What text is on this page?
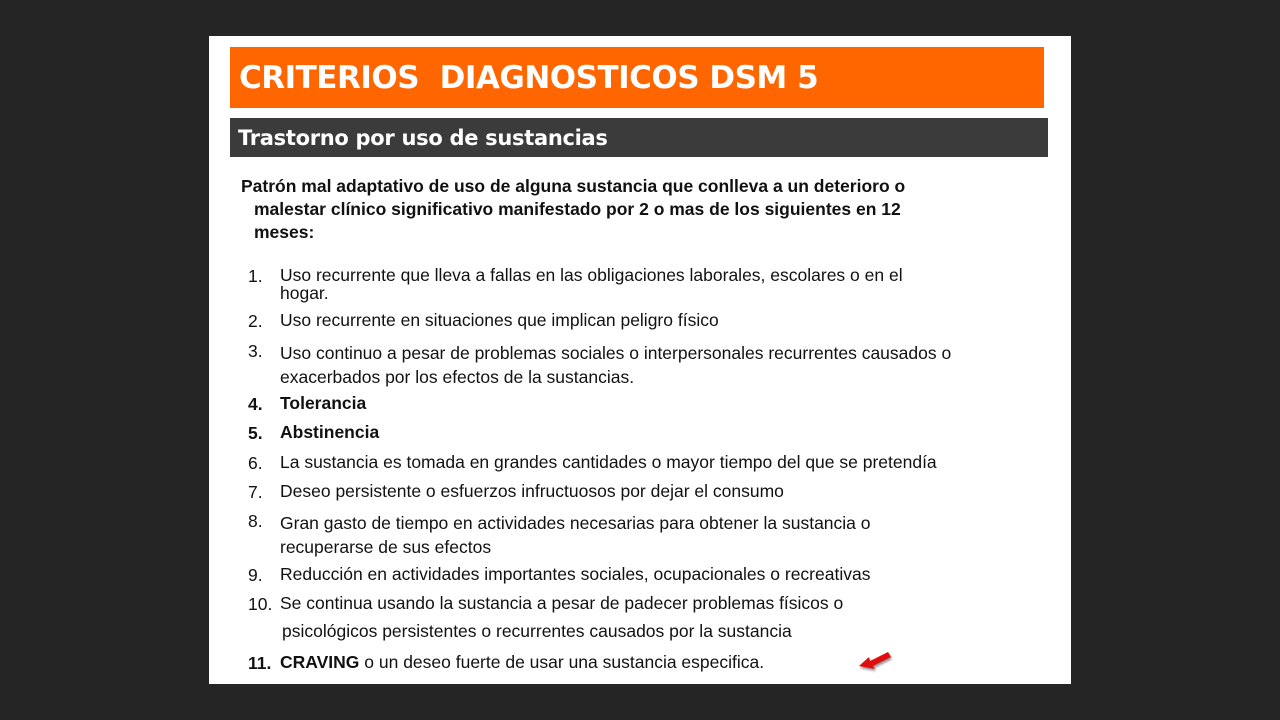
CRITERIOS  DIAGNOSTICOS DSM 5
Trastorno por uso de sustancias
Patrón mal adaptativo de uso de alguna sustancia que conlleva a un deterioro o
malestar clínico significativo manifestado por 2 o mas de los siguientes en 12
meses:
1. Uso recurrente que lleva a fallas en las obligaciones laborales, escolares o en el
hogar.
2. Uso recurrente en situaciones que implican peligro físico
3. Uso continuo a pesar de problemas sociales o interpersonales recurrentes causados o
exacerbados por los efectos de la sustancias.
4. Tolerancia
5. Abstinencia
6. La sustancia es tomada en grandes cantidades o mayor tiempo del que se pretendía
7. Deseo persistente o esfuerzos infructuosos por dejar el consumo
8. Gran gasto de tiempo en actividades necesarias para obtener la sustancia o
recuperarse de sus efectos
9. Reducción en actividades importantes sociales, ocupacionales o recreativas
10. Se continua usando la sustancia a pesar de padecer problemas físicos o
psicológicos persistentes o recurrentes causados por la sustancia
11. CRAVING o un deseo fuerte de usar una sustancia especifica.
